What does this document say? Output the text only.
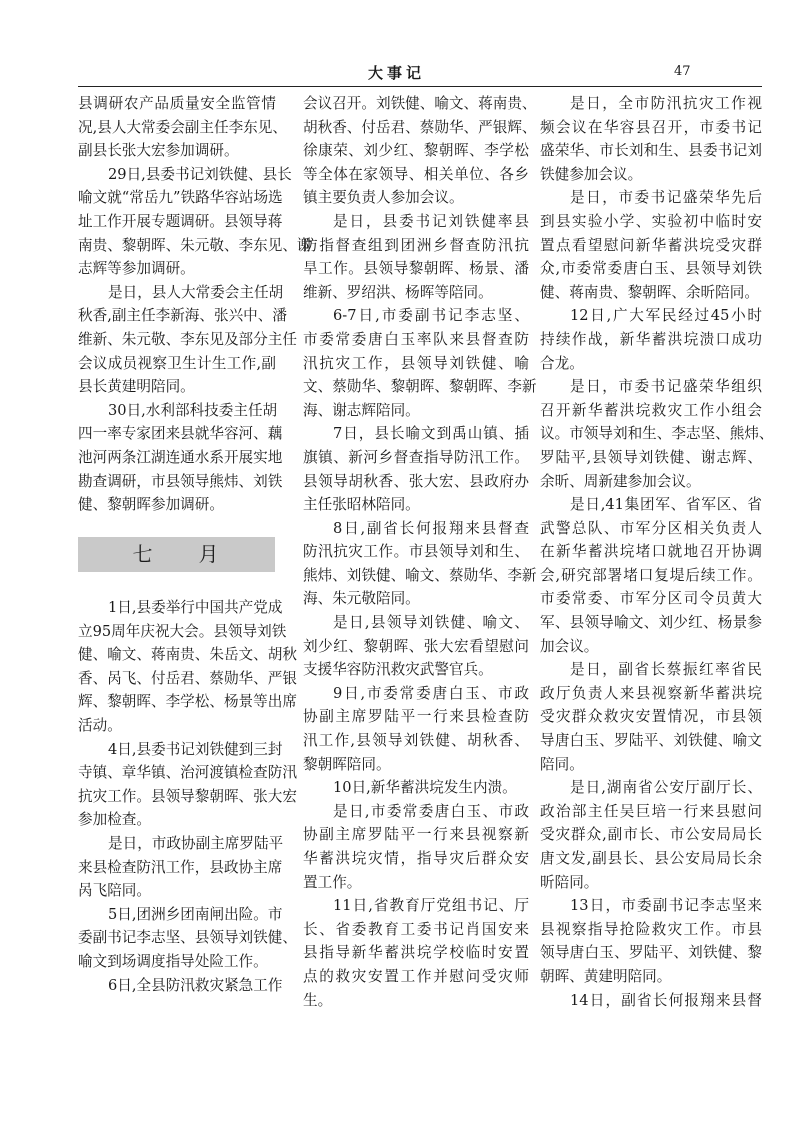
大事记	47
县调研农产品质量安全监管情
况,县人大常委会副主任李东见、
副县长张大宏参加调研。
29日,县委书记刘铁健、县长
喻文就“常岳九”铁路华容站场选
址工作开展专题调研。县领导蒋
南贵、黎朝晖、朱元敬、李东见、谢
志辉等参加调研。
是日，县人大常委会主任胡
秋香,副主任李新海、张兴中、潘
维新、朱元敬、李东见及部分主任
会议成员视察卫生计生工作,副
县长黄建明陪同。
30日,水利部科技委主任胡
四一率专家团来县就华容河、藕
池河两条江湖连通水系开展实地
勘查调研，市县领导熊炜、刘铁
健、黎朝晖参加调研。
七　　月
1日,县委举行中国共产党成
立95周年庆祝大会。县领导刘铁
健、喻文、蒋南贵、朱岳文、胡秋
香、呙飞、付岳君、蔡勋华、严银
辉、黎朝晖、李学松、杨景等出席
活动。
4日,县委书记刘铁健到三封
寺镇、章华镇、治河渡镇检查防汛
抗灾工作。县领导黎朝晖、张大宏
参加检查。
是日，市政协副主席罗陆平
来县检查防汛工作，县政协主席
呙飞陪同。
5日,团洲乡团南闸出险。市
委副书记李志坚、县领导刘铁健、
喻文到场调度指导处险工作。
6日,全县防汛救灾紧急工作
会议召开。刘铁健、喻文、蒋南贵、
胡秋香、付岳君、蔡勋华、严银辉、
徐康荣、刘少红、黎朝晖、李学松
等全体在家领导、相关单位、各乡
镇主要负责人参加会议。
是日，县委书记刘铁健率县
防指督查组到团洲乡督查防汛抗
旱工作。县领导黎朝晖、杨景、潘
维新、罗绍洪、杨晖等陪同。
6-7日,市委副书记李志坚、
市委常委唐白玉率队来县督查防
汛抗灾工作，县领导刘铁健、喻
文、蔡勋华、黎朝晖、黎朝晖、李新
海、谢志辉陪同。
7日，县长喻文到禹山镇、插
旗镇、新河乡督查指导防汛工作。
县领导胡秋香、张大宏、县政府办
主任张昭林陪同。
8日,副省长何报翔来县督查
防汛抗灾工作。市县领导刘和生、
熊炜、刘铁健、喻文、蔡勋华、李新
海、朱元敬陪同。
是日,县领导刘铁健、喻文、
刘少红、黎朝晖、张大宏看望慰问
支援华容防汛救灾武警官兵。
9日,市委常委唐白玉、市政
协副主席罗陆平一行来县检查防
汛工作,县领导刘铁健、胡秋香、
黎朝晖陪同。
10日,新华蓄洪垸发生内溃。
是日,市委常委唐白玉、市政
协副主席罗陆平一行来县视察新
华蓄洪垸灾情，指导灾后群众安
置工作。
11日,省教育厅党组书记、厅
长、省委教育工委书记肖国安来
县指导新华蓄洪垸学校临时安置
点的救灾安置工作并慰问受灾师
生。
是日，全市防汛抗灾工作视
频会议在华容县召开，市委书记
盛荣华、市长刘和生、县委书记刘
铁健参加会议。
是日，市委书记盛荣华先后
到县实验小学、实验初中临时安
置点看望慰问新华蓄洪垸受灾群
众,市委常委唐白玉、县领导刘铁
健、蒋南贵、黎朝晖、余昕陪同。
12日,广大军民经过45小时
持续作战，新华蓄洪垸溃口成功
合龙。
是日，市委书记盛荣华组织
召开新华蓄洪垸救灾工作小组会
议。市领导刘和生、李志坚、熊炜、
罗陆平,县领导刘铁健、谢志辉、
余昕、周新建参加会议。
是日,41集团军、省军区、省
武警总队、市军分区相关负责人
在新华蓄洪垸堵口就地召开协调
会,研究部署堵口复堤后续工作。
市委常委、市军分区司令员黄大
军、县领导喻文、刘少红、杨景参
加会议。
是日，副省长蔡振红率省民
政厅负责人来县视察新华蓄洪垸
受灾群众救灾安置情况，市县领
导唐白玉、罗陆平、刘铁健、喻文
陪同。
是日,湖南省公安厅副厅长、
政治部主任吴巨培一行来县慰问
受灾群众,副市长、市公安局局长
唐文发,副县长、县公安局局长余
昕陪同。
13日，市委副书记李志坚来
县视察指导抢险救灾工作。市县
领导唐白玉、罗陆平、刘铁健、黎
朝晖、黄建明陪同。
14日，副省长何报翔来县督
